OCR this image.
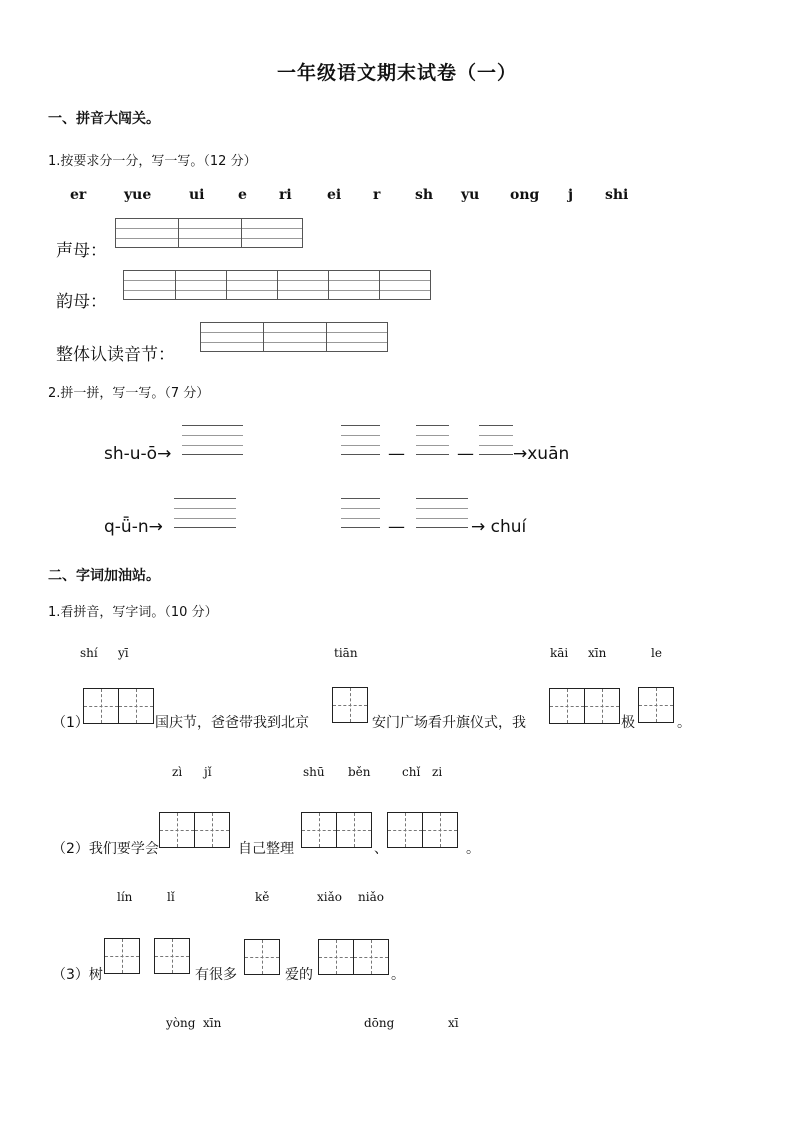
一年级语文期末试卷（一）
一、拼音大闯关。
1.按要求分一分，写一写。（12 分）
er	yue	ui e ri	ei r sh yu ong j shi
声母：
韵母：
整体认读音节：
2.拼一拼，写一写。（7 分）
sh-u-ō→	—	— →xuān
q-ǖ-n→	—	→ chuí
二、字词加油站。
1.看拼音，写字词。（10 分）
shí yī	tiān	kāi xīn	le
（1）	国庆节，爸爸带我到北京	安门广场看升旗仪式，我	极	。
zì jǐ	shū běn	chǐ zi
（2）我们要学会	自己整理	、	。
lín	lǐ	kě	xiǎo niǎo
（3）树	有很多	爱的	。
yòng xīn	dōng	xī
